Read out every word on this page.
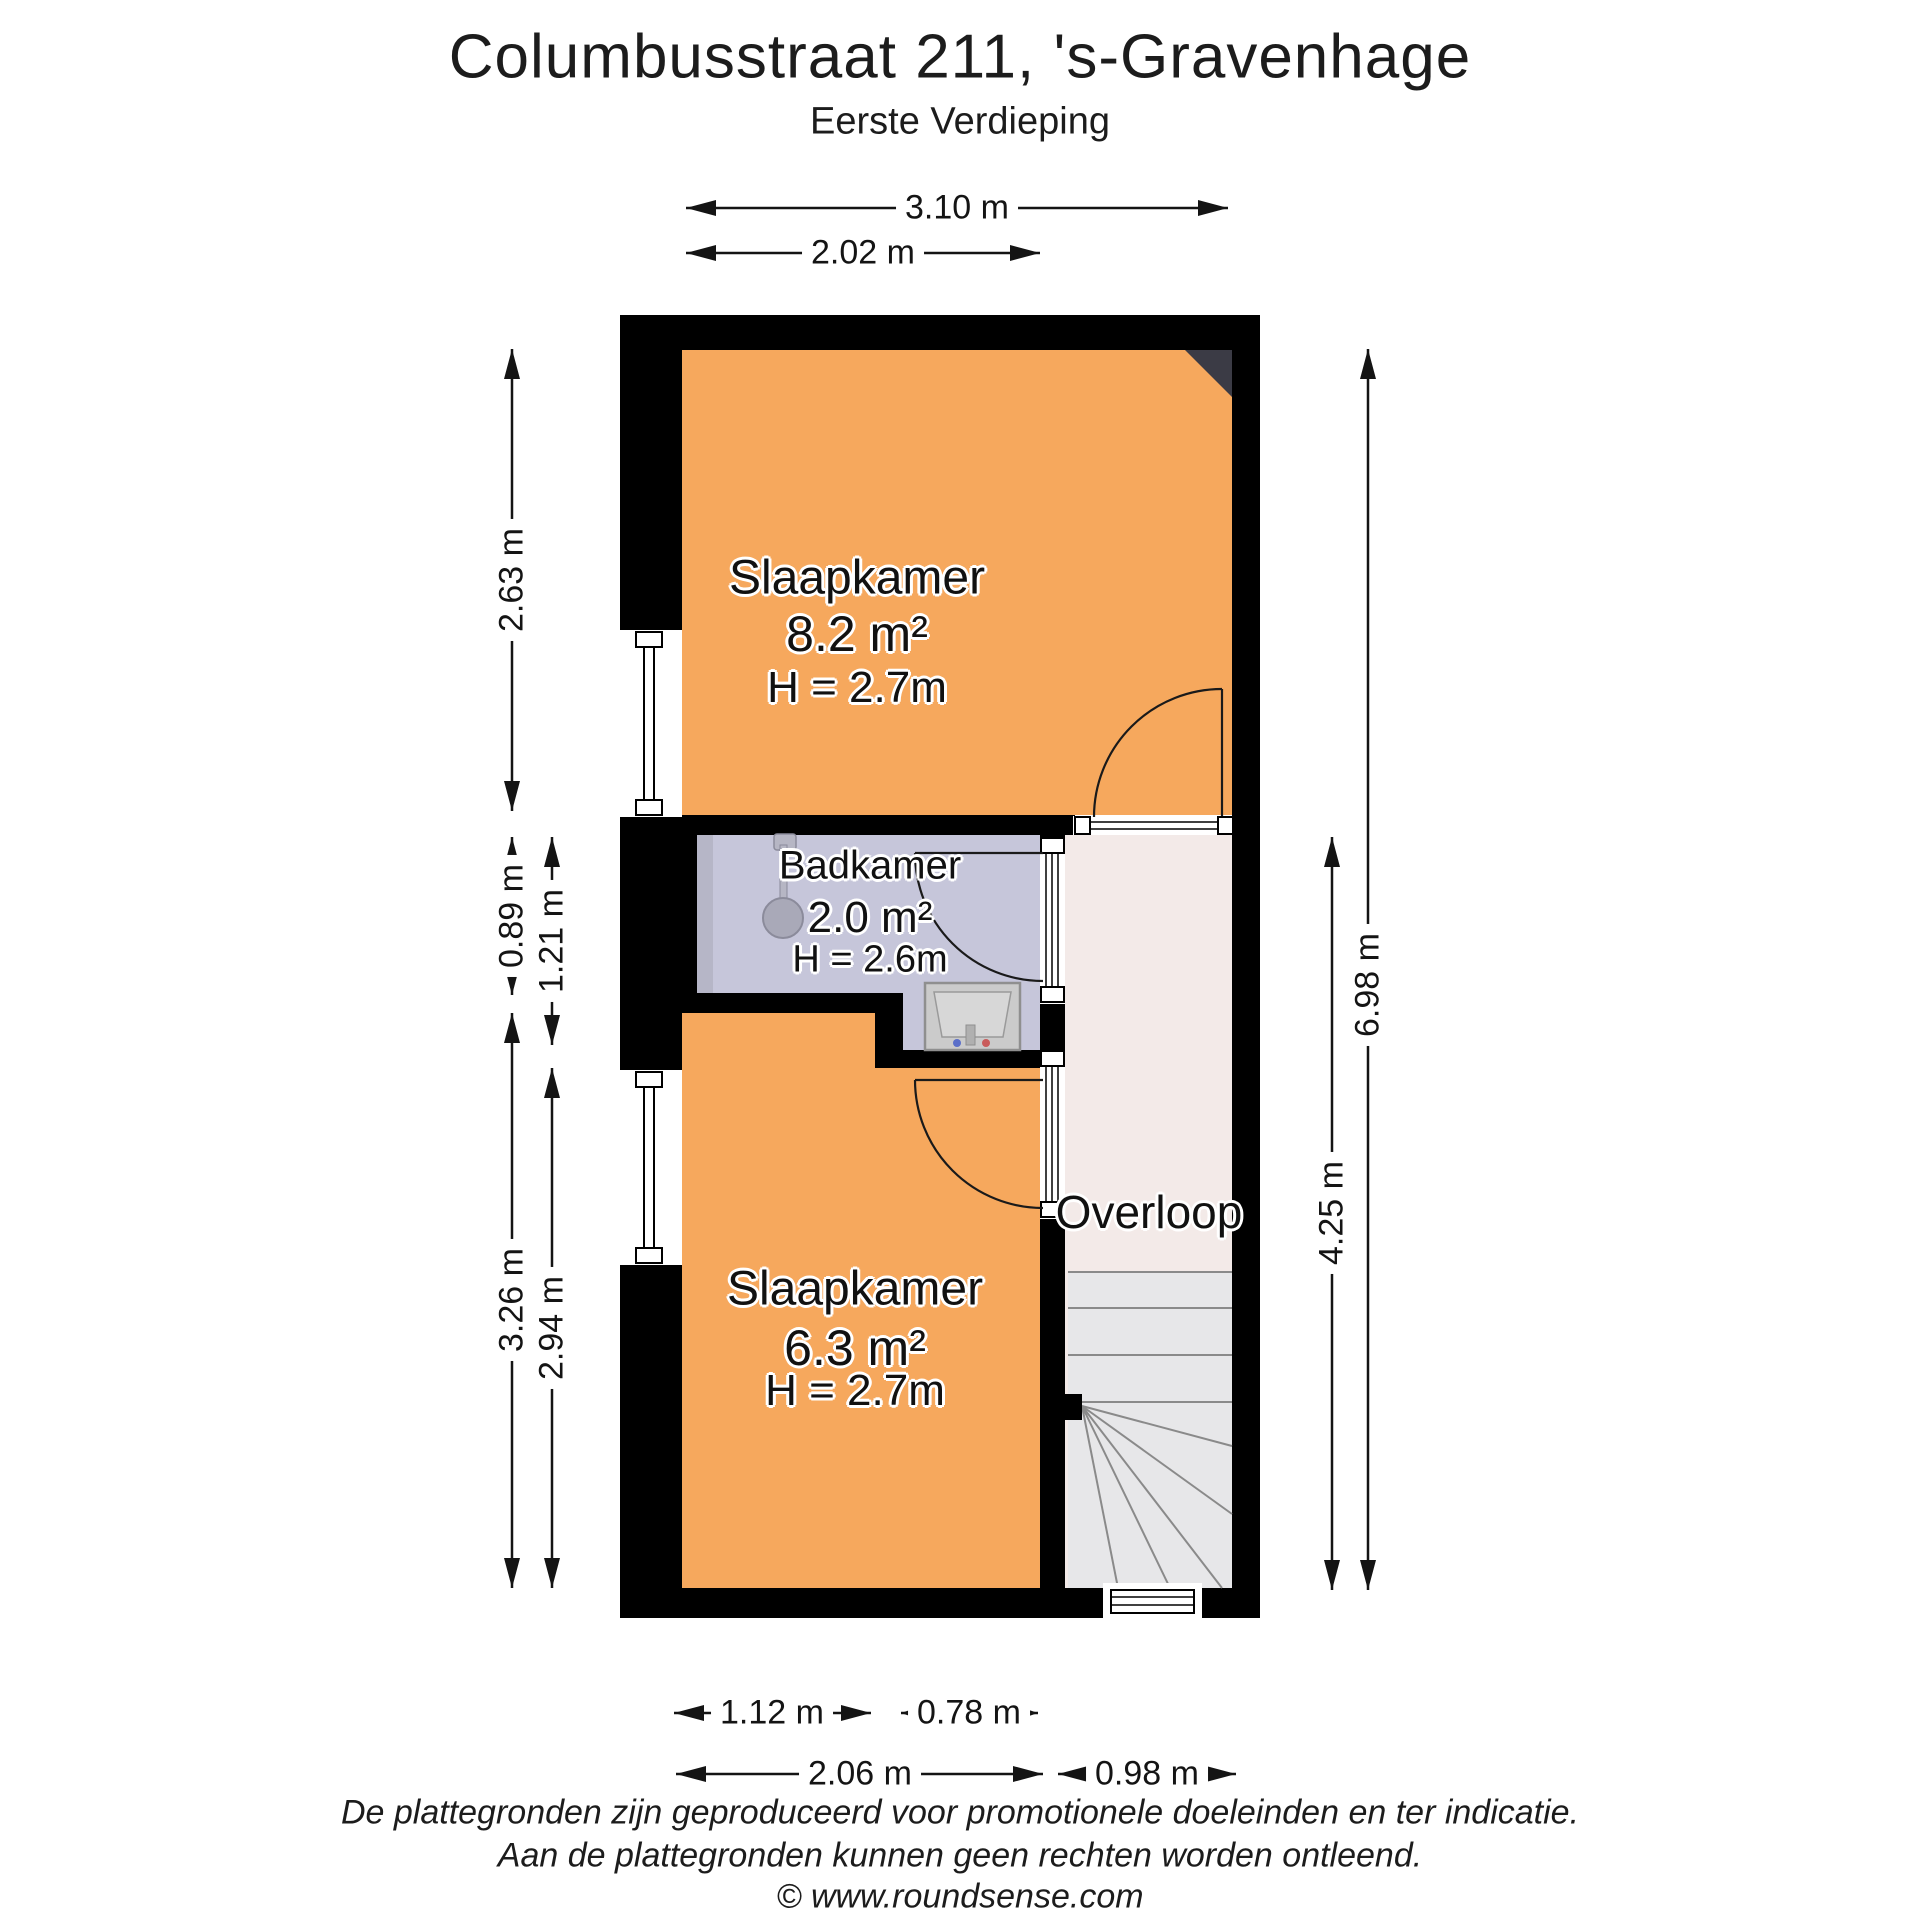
Columbusstraat 211, 's-Gravenhage
Eerste Verdieping
3.10 m
2.02 m
2.63 m
0.89 m 1.21 m
3.26 m 2.94 m
6.98 m
4.25 m
1.12 m	0.78 m
2.06 m	0.98 m
Slaapkamer
8.2 m²
H = 2.7m
Badkamer
2.0 m²
H = 2.6m
Slaapkamer
6.3 m²
H = 2.7m
Overloop
De plattegronden zijn geproduceerd voor promotionele doeleinden en ter indicatie.
Aan de plattegronden kunnen geen rechten worden ontleend.
© www.roundsense.com
